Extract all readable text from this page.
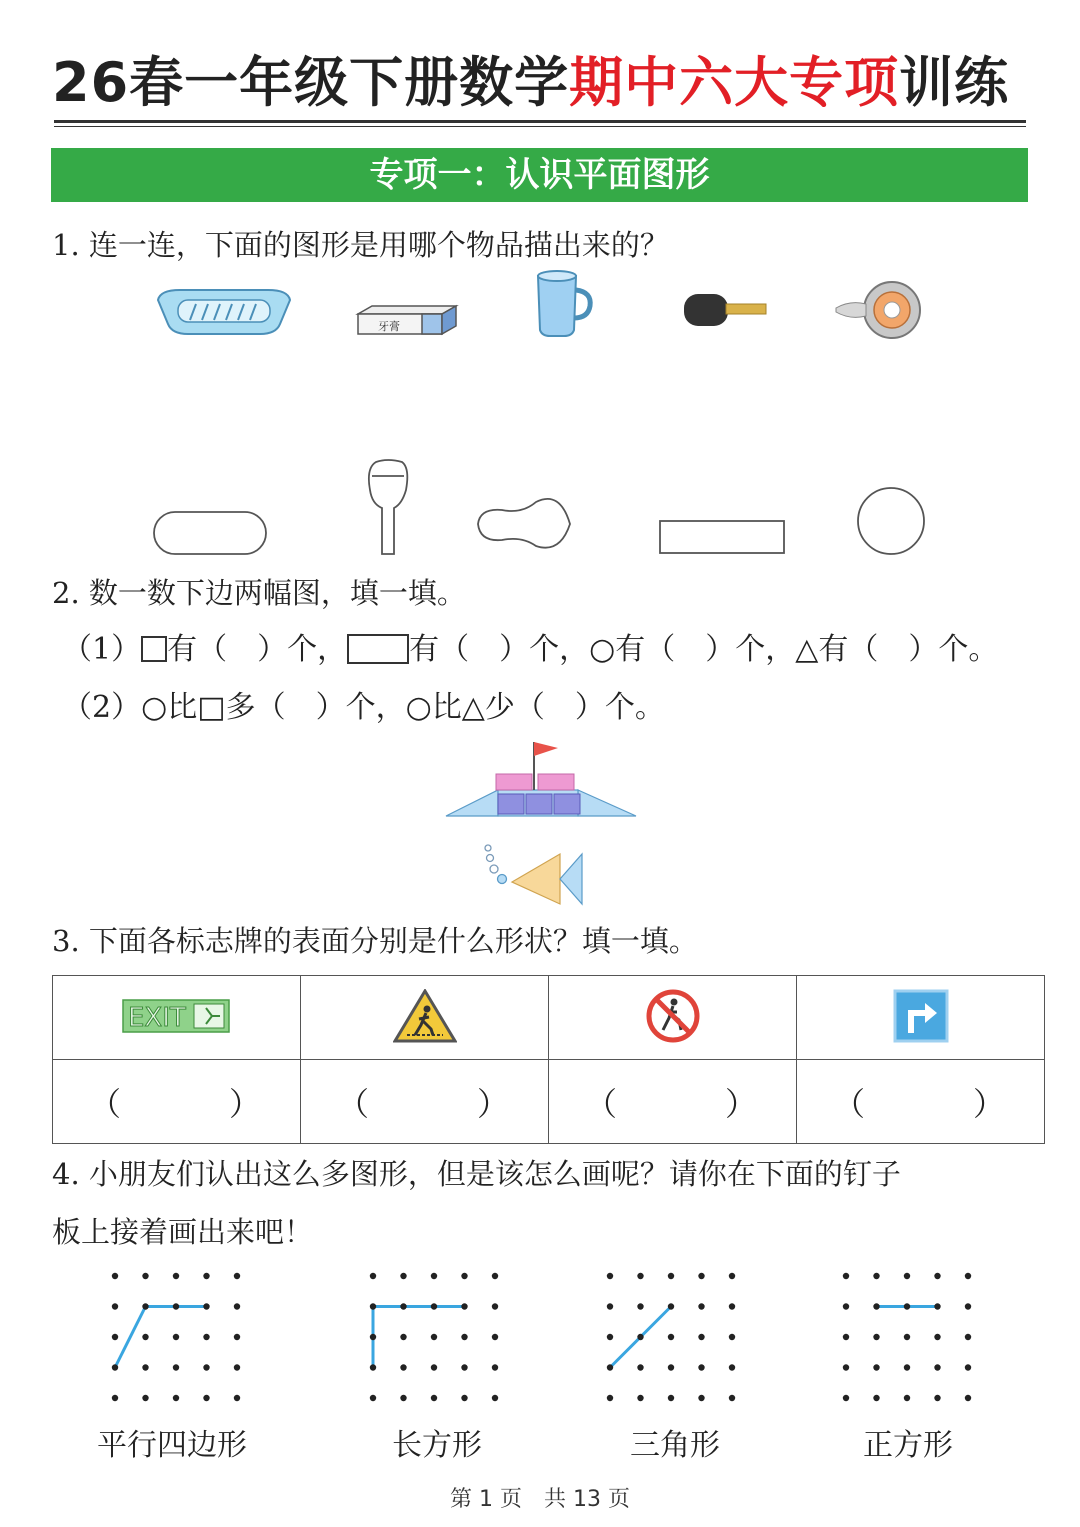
26春一年级下册数学期中六大专项训练
专项一：认识平面图形
1. 连一连，下面的图形是用哪个物品描出来的？
牙膏
2. 数一数下边两幅图，填一填。
（1） 有（　）个， 有（　）个，○有（　）个，△有（　）个。
（2）○比□多（　）个，○比△少（　）个。
3. 下面各标志牌的表面分别是什么形状？填一填。
EXIT

（　）	（　）	（　）	（　）
4. 小朋友们认出这么多图形，但是该怎么画呢？请你在下面的钉子
板上接着画出来吧！
平行四边形	长方形	三角形	正方形
第 1 页　共 13 页
